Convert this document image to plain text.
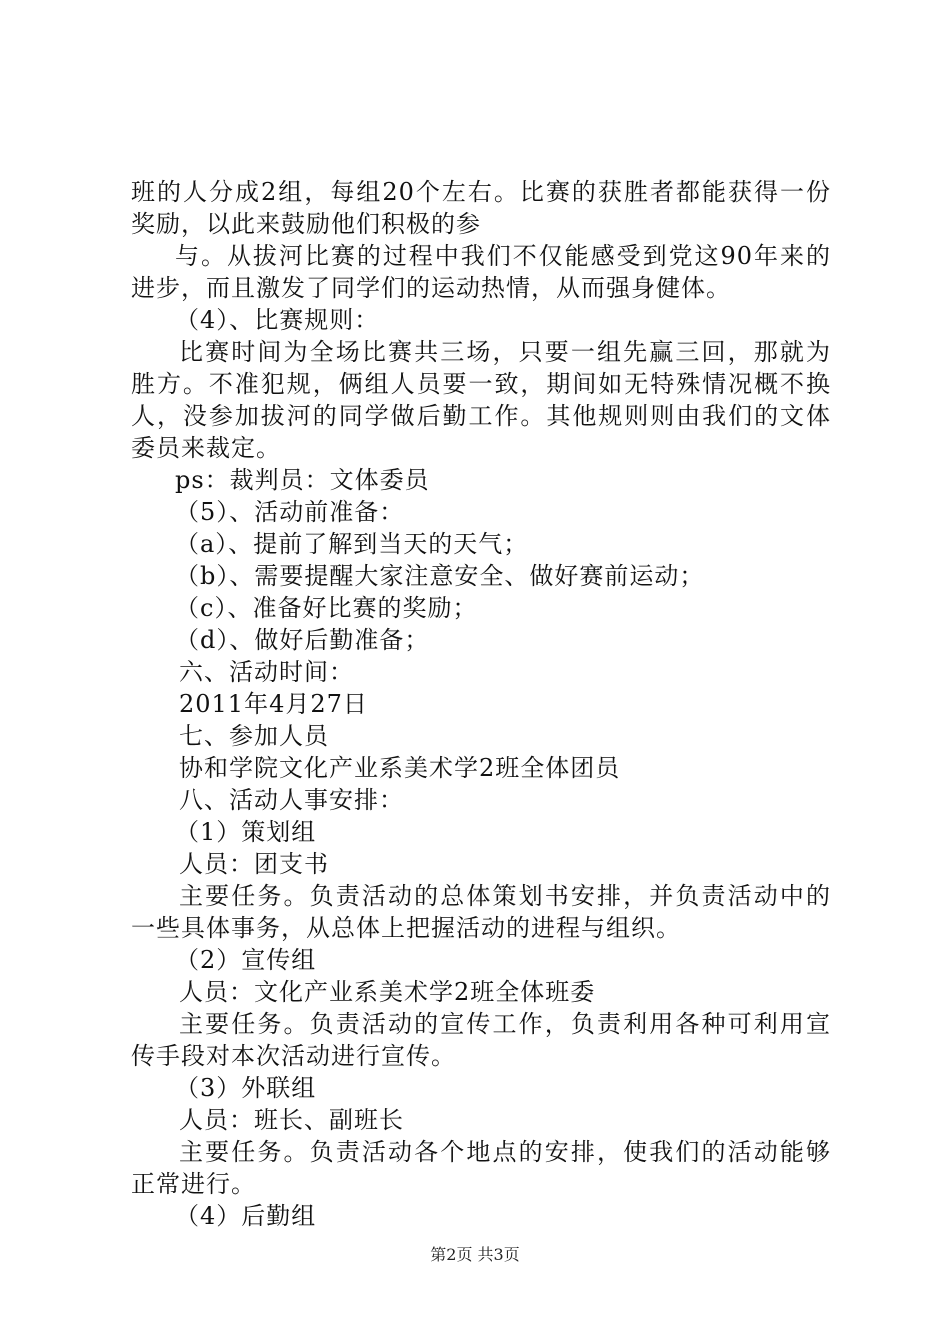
班的人分成2组，每组20个左右。比赛的获胜者都能获得一份
奖励，以此来鼓励他们积极的参
与。从拔河比赛的过程中我们不仅能感受到党这90年来的
进步，而且激发了同学们的运动热情，从而强身健体。
（4）、比赛规则：
比赛时间为全场比赛共三场，只要一组先赢三回，那就为
胜方。不准犯规，俩组人员要一致，期间如无特殊情况概不换
人，没参加拔河的同学做后勤工作。其他规则则由我们的文体
委员来裁定。
ps：裁判员：文体委员
（5）、活动前准备：
（a）、提前了解到当天的天气；
（b）、需要提醒大家注意安全、做好赛前运动；
（c）、准备好比赛的奖励；
（d）、做好后勤准备；
六、活动时间：
2011年4月27日
七、参加人员
协和学院文化产业系美术学2班全体团员
八、活动人事安排：
（1）策划组
人员：团支书
主要任务。负责活动的总体策划书安排，并负责活动中的
一些具体事务，从总体上把握活动的进程与组织。
（2）宣传组
人员：文化产业系美术学2班全体班委
主要任务。负责活动的宣传工作，负责利用各种可利用宣
传手段对本次活动进行宣传。
（3）外联组
人员：班长、副班长
主要任务。负责活动各个地点的安排，使我们的活动能够
正常进行。
（4）后勤组
第2页 共3页
